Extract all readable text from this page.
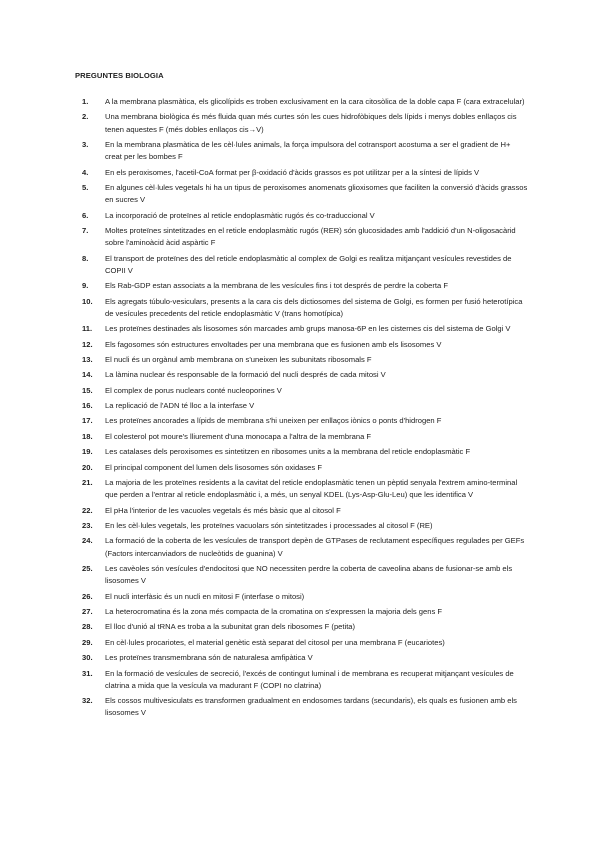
PREGUNTES BIOLOGIA
1. A la membrana plasmàtica, els glicolípids es troben exclusivament en la cara citosòlica de la doble capa F (cara extracelular)
2. Una membrana biològica és més fluida quan més curtes són les cues hidrofòbiques dels lípids i menys dobles enllaços cis tenen aquestes F (més dobles enllaços cis→V)
3. En la membrana plasmàtica de les cèl·lules animals, la força impulsora del cotransport acostuma a ser el gradient de H+ creat per les bombes F
4. En els peroxisomes, l'acetil-CoA format per β-oxidació d'àcids grassos es pot utilitzar per a la síntesi de lípids V
5. En algunes cèl·lules vegetals hi ha un tipus de peroxisomes anomenats glioxisomes que faciliten la conversió d'àcids grassos en sucres V
6. La incorporació de proteïnes al reticle endoplasmàtic rugós és co-traduccional V
7. Moltes proteïnes sintetitzades en el reticle endoplasmàtic rugós (RER) són glucosidades amb l'addició d'un N-oligosacàrid sobre l'aminoàcid àcid aspàrtic F
8. El transport de proteïnes des del reticle endoplasmàtic al complex de Golgi es realitza mitjançant vesícules revestides de COPII V
9. Els Rab-GDP estan associats a la membrana de les vesícules fins i tot després de perdre la coberta F
10. Els agregats túbulo-vesiculars, presents a la cara cis dels dictiosomes del sistema de Golgi, es formen per fusió heterotípica de vesícules precedents del reticle endoplasmàtic V (trans homotípica)
11. Les proteïnes destinades als lisosomes són marcades amb grups manosa-6P en les cisternes cis del sistema de Golgi V
12. Els fagosomes són estructures envoltades per una membrana que es fusionen amb els lisosomes V
13. El nucli és un orgànul amb membrana on s'uneixen les subunitats ribosomals F
14. La làmina nuclear és responsable de la formació del nucli després de cada mitosi V
15. El complex de porus nuclears conté nucleoporines V
16. La replicació de l'ADN té lloc a la interfase V
17. Les proteïnes ancorades a lípids de membrana s'hi uneixen per enllaços iònics o ponts d'hidrogen F
18. El colesterol pot moure's lliurement d'una monocapa a l'altra de la membrana F
19. Les catalases dels peroxisomes es sintetitzen en ribosomes units a la membrana del reticle endoplasmàtic F
20. El principal component del lumen dels lisosomes són oxidases F
21. La majoria de les proteïnes residents a la cavitat del reticle endoplasmàtic tenen un pèptid senyala l'extrem amino-terminal que perden a l'entrar al reticle endoplasmàtic i, a més, un senyal KDEL (Lys-Asp-Glu-Leu) que les identifica V
22. El pHa l'interior de les vacuoles vegetals és més bàsic que al citosol F
23. En les cèl·lules vegetals, les proteïnes vacuolars són sintetitzades i processades al citosol F (RE)
24. La formació de la coberta de les vesícules de transport depèn de GTPases de reclutament específiques regulades per GEFs (Factors intercanviadors de nucleòtids de guanina) V
25. Les cavèoles són vesícules d'endocitosi que NO necessiten perdre la coberta de caveolina abans de fusionar-se amb els lisosomes V
26. El nucli interfàsic és un nucli en mitosi F (interfase o mitosi)
27. La heterocromatina és la zona més compacta de la cromatina on s'expressen la majoria dels gens F
28. El lloc d'unió al tRNA es troba a la subunitat gran dels ribosomes F (petita)
29. En cèl·lules procariotes, el material genètic està separat del citosol per una membrana F (eucariotes)
30. Les proteïnes transmembrana són de naturalesa amfipàtica V
31. En la formació de vesícules de secreció, l'excés de contingut luminal i de membrana es recuperat mitjançant vesícules de clatrina a mida que la vesícula va madurant F (COPI no clatrina)
32. Els cossos multivesiculats es transformen gradualment en endosomes tardans (secundaris), els quals es fusionen amb els lisosomes V
